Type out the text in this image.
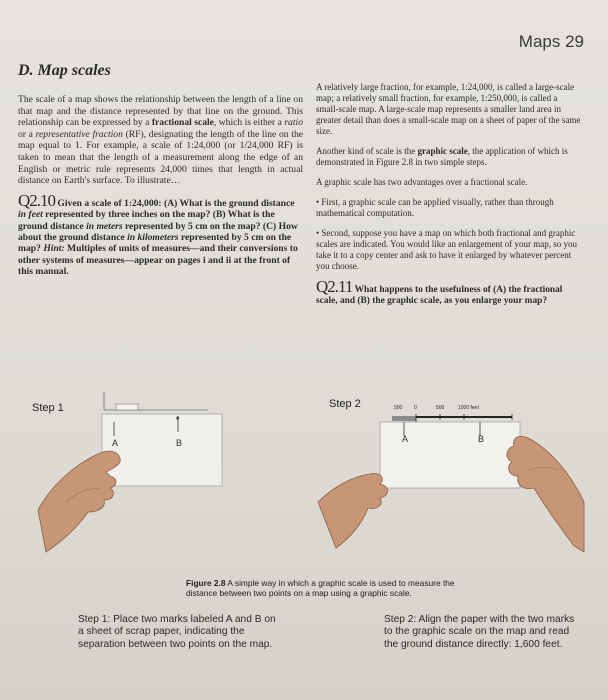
Maps 29
D. Map scales

The scale of a map shows the relationship between the length of a line on that map and the distance represented by that line on the ground. This relationship can be expressed by a fractional scale, which is either a ratio or a representative fraction (RF), designating the length of the line on the map equal to 1. For example, a scale of 1:24,000 (or 1/24,000 RF) is taken to mean that the length of a measurement along the edge of an English or metric rule represents 24,000 times that length in actual distance on Earth's surface. To illustrate…

Q2.10 Given a scale of 1:24,000: (A) What is the ground distance in feet represented by three inches on the map? (B) What is the ground distance in meters represented by 5 cm on the map? (C) How about the ground distance in kilometers represented by 5 cm on the map? Hint: Multiples of units of measures—and their conversions to other systems of measures—appear on pages i and ii at the front of this manual.

A relatively large fraction, for example, 1:24,000, is called a large-scale map; a relatively small fraction, for example, 1:250,000, is called a small-scale map. A large-scale map represents a smaller land area in greater detail than does a small-scale map on a sheet of paper of the same size.

Another kind of scale is the graphic scale, the application of which is demonstrated in Figure 2.8 in two simple steps.

A graphic scale has two advantages over a fractional scale.

• First, a graphic scale can be applied visually, rather than through mathematical computation.

• Second, suppose you have a map on which both fractional and graphic scales are indicated. You would like an enlargement of your map, so you take it to a copy center and ask to have it enlarged by whatever percent you choose.

Q2.11 What happens to the usefulness of (A) the fractional scale, and (B) the graphic scale, as you enlarge your map?

Step 1	Step 2
★
A	B	A	B
500 0	500	1000 feet
Figure 2.8 A simple way in which a graphic scale is used to measure the distance between two points on a map using a graphic scale.
Step 1: Place two marks labeled A and B on a sheet of scrap paper, indicating the separation between two points on the map.
Step 2: Align the paper with the two marks to the graphic scale on the map and read the ground distance directly: 1,600 feet.
